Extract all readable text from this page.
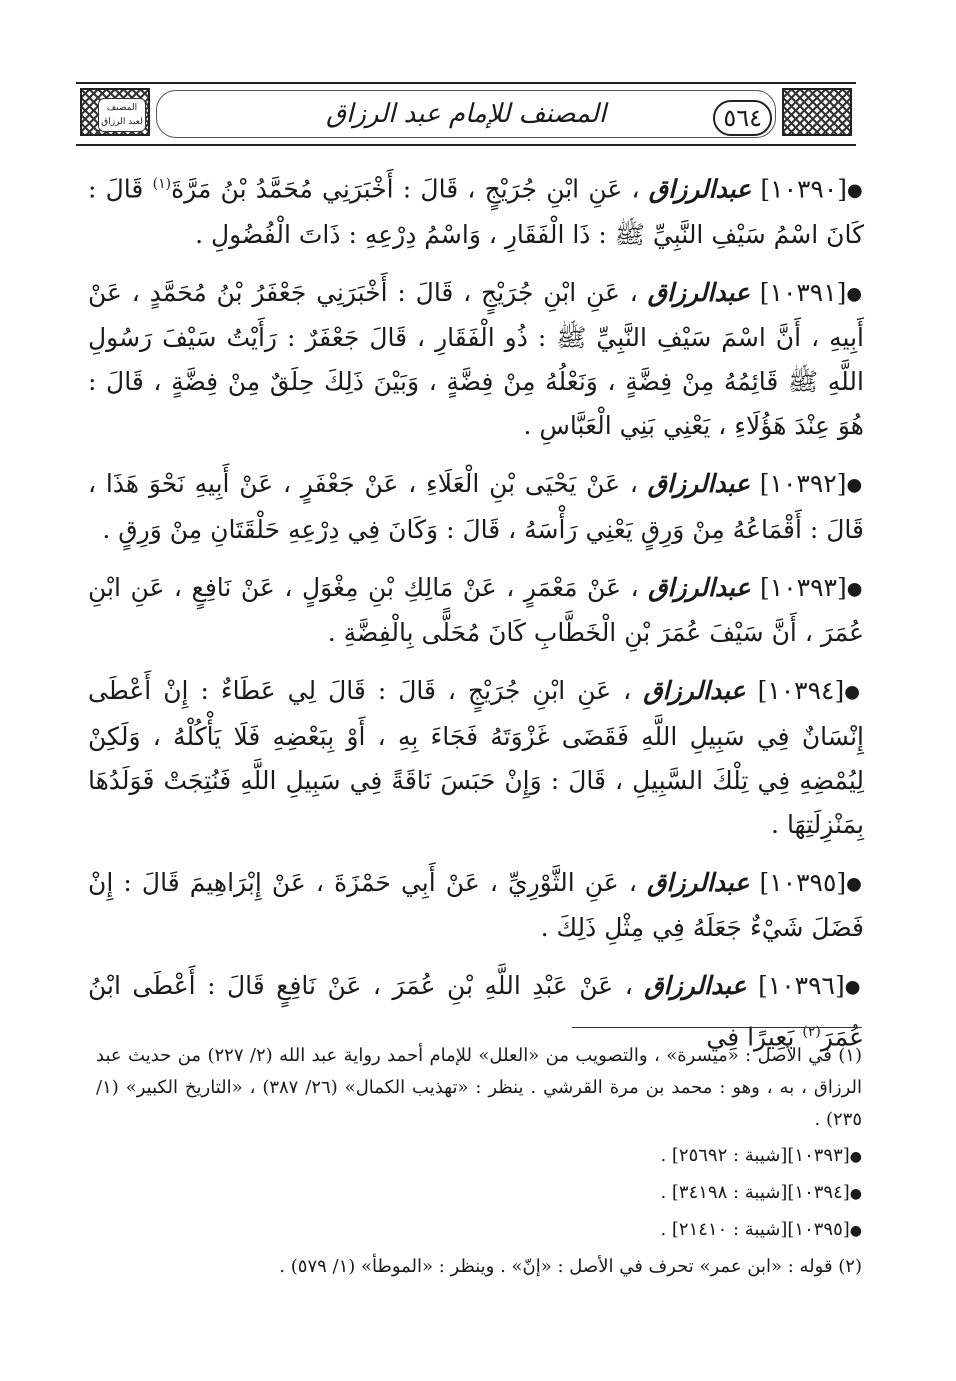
المصنف لعبد الرزاق	المصنف للإمام عبد الرزاق	٥٦٤

●[١٠٣٩٠] عبدالرزاق ، عَنِ ابْنِ جُرَيْجٍ ، قَالَ : أَخْبَرَنِي مُحَمَّدُ بْنُ مَرَّةَ$^{(١)}$ قَالَ : كَانَ اسْمُ سَيْفِ النَّبِيِّ ﷺ : ذَا الْفَقَارِ ، وَاسْمُ دِرْعِهِ : ذَاتَ الْفُضُولِ .

●[١٠٣٩١] عبدالرزاق ، عَنِ ابْنِ جُرَيْجٍ ، قَالَ : أَخْبَرَنِي جَعْفَرُ بْنُ مُحَمَّدٍ ، عَنْ أَبِيهِ ، أَنَّ اسْمَ سَيْفِ النَّبِيِّ ﷺ : ذُو الْفَقَارِ ، قَالَ جَعْفَرٌ : رَأَيْتُ سَيْفَ رَسُولِ اللَّهِ ﷺ قَائِمُهُ مِنْ فِضَّةٍ ، وَنَعْلُهُ مِنْ فِضَّةٍ ، وَبَيْنَ ذَلِكَ حِلَقٌ مِنْ فِضَّةٍ ، قَالَ : هُوَ عِنْدَ هَؤُلَاءِ ، يَعْنِي بَنِي الْعَبَّاسِ .

●[١٠٣٩٢] عبدالرزاق ، عَنْ يَحْيَى بْنِ الْعَلَاءِ ، عَنْ جَعْفَرٍ ، عَنْ أَبِيهِ نَحْوَ هَذَا ، قَالَ : أَقْمَاعُهُ مِنْ وَرِقٍ يَعْنِي رَأْسَهُ ، قَالَ : وَكَانَ فِي دِرْعِهِ حَلْقَتَانِ مِنْ وَرِقٍ .

●[١٠٣٩٣] عبدالرزاق ، عَنْ مَعْمَرٍ ، عَنْ مَالِكِ بْنِ مِغْوَلٍ ، عَنْ نَافِعٍ ، عَنِ ابْنِ عُمَرَ ، أَنَّ سَيْفَ عُمَرَ بْنِ الْخَطَّابِ كَانَ مُحَلًّى بِالْفِضَّةِ .

●[١٠٣٩٤] عبدالرزاق ، عَنِ ابْنِ جُرَيْجٍ ، قَالَ : قَالَ لِي عَطَاءٌ : إِنْ أَعْطَى إِنْسَانٌ فِي سَبِيلِ اللَّهِ فَقَضَى غَزْوَتَهُ فَجَاءَ بِهِ ، أَوْ بِبَعْضِهِ فَلَا يَأْكُلْهُ ، وَلَكِنْ لِيُمْضِهِ فِي تِلْكَ السَّبِيلِ ، قَالَ : وَإِنْ حَبَسَ نَاقَةً فِي سَبِيلِ اللَّهِ فَنُتِجَتْ فَوَلَدُهَا بِمَنْزِلَتِهَا .

●[١٠٣٩٥] عبدالرزاق ، عَنِ الثَّوْرِيِّ ، عَنْ أَبِي حَمْزَةَ ، عَنْ إِبْرَاهِيمَ قَالَ : إِنْ فَضَلَ شَيْءٌ جَعَلَهُ فِي مِثْلِ ذَلِكَ .

●[١٠٣٩٦] عبدالرزاق ، عَنْ عَبْدِ اللَّهِ بْنِ عُمَرَ ، عَنْ نَافِعٍ قَالَ : أَعْطَى ابْنُ عُمَرَ$^{(٢)}$ بَعِيرًا فِي

(١) في الأصل : «ميسرة» ، والتصويب من «العلل» للإمام أحمد رواية عبد الله (٢/ ٢٢٧) من حديث عبد الرزاق ، به ، وهو : محمد بن مرة القرشي . ينظر : «تهذيب الكمال» (٢٦/ ٣٨٧) ، «التاريخ الكبير» (١/ ٢٣٥) .

●[١٠٣٩٣][شيبة : ٢٥٦٩٢] .

●[١٠٣٩٤][شيبة : ٣٤١٩٨] .

●[١٠٣٩٥][شيبة : ٢١٤١٠] .

(٢) قوله : «ابن عمر» تحرف في الأصل : «إنّ» . وينظر : «الموطأ» (١/ ٥٧٩) .
